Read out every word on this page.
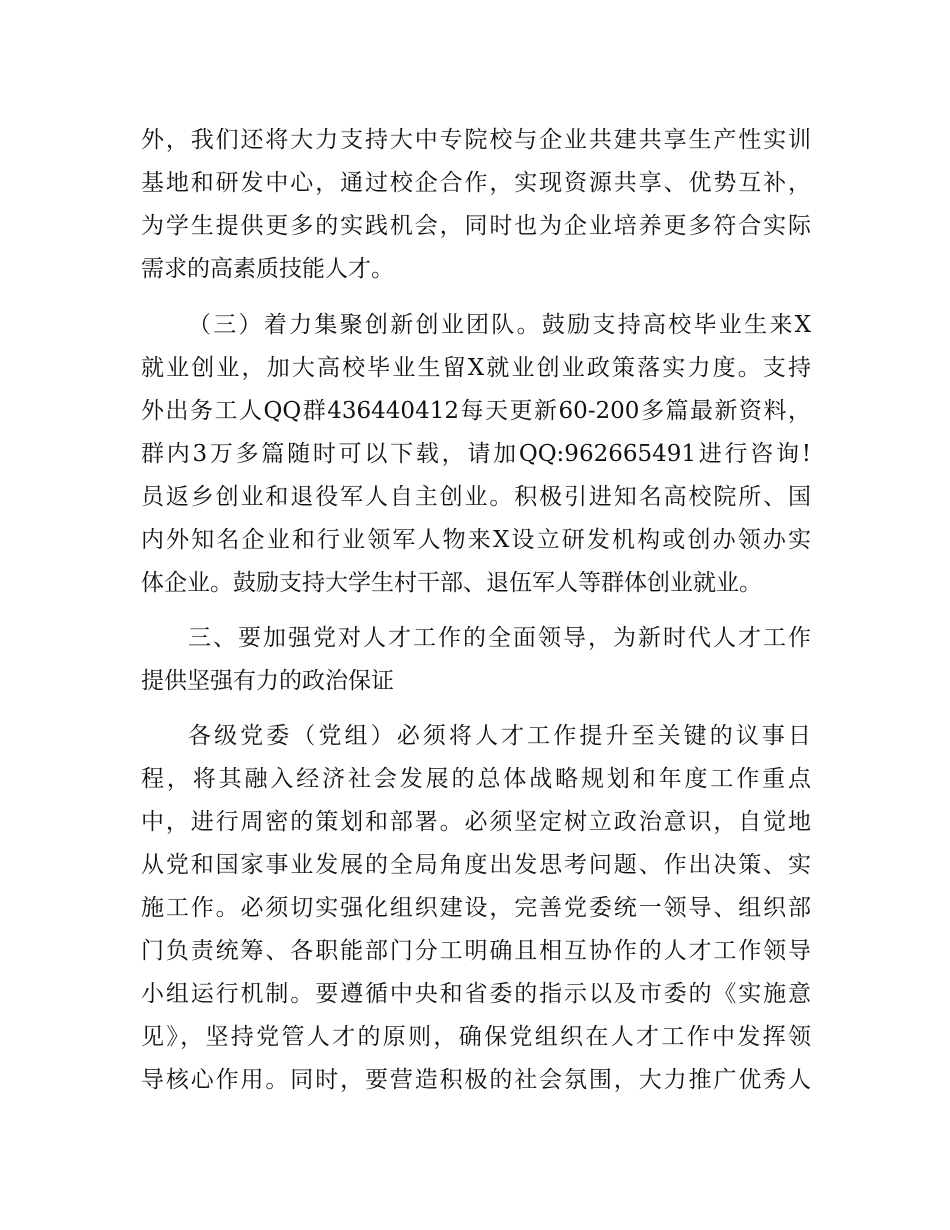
外，我们还将大力支持大中专院校与企业共建共享生产性实训
基地和研发中心，通过校企合作，实现资源共享、优势互补，
为学生提供更多的实践机会，同时也为企业培养更多符合实际
需求的高素质技能人才。
（三）着力集聚创新创业团队。鼓励支持高校毕业生来X
就业创业，加大高校毕业生留X就业创业政策落实力度。支持
外出务工人QQ群436440412每天更新60-200多篇最新资料，
群内3万多篇随时可以下载，请加QQ:962665491进行咨询!
员返乡创业和退役军人自主创业。积极引进知名高校院所、国
内外知名企业和行业领军人物来X设立研发机构或创办领办实
体企业。鼓励支持大学生村干部、退伍军人等群体创业就业。
三、要加强党对人才工作的全面领导，为新时代人才工作
提供坚强有力的政治保证
各级党委（党组）必须将人才工作提升至关键的议事日
程，将其融入经济社会发展的总体战略规划和年度工作重点
中，进行周密的策划和部署。必须坚定树立政治意识，自觉地
从党和国家事业发展的全局角度出发思考问题、作出决策、实
施工作。必须切实强化组织建设，完善党委统一领导、组织部
门负责统筹、各职能部门分工明确且相互协作的人才工作领导
小组运行机制。要遵循中央和省委的指示以及市委的《实施意
见》，坚持党管人才的原则，确保党组织在人才工作中发挥领
导核心作用。同时，要营造积极的社会氛围，大力推广优秀人
